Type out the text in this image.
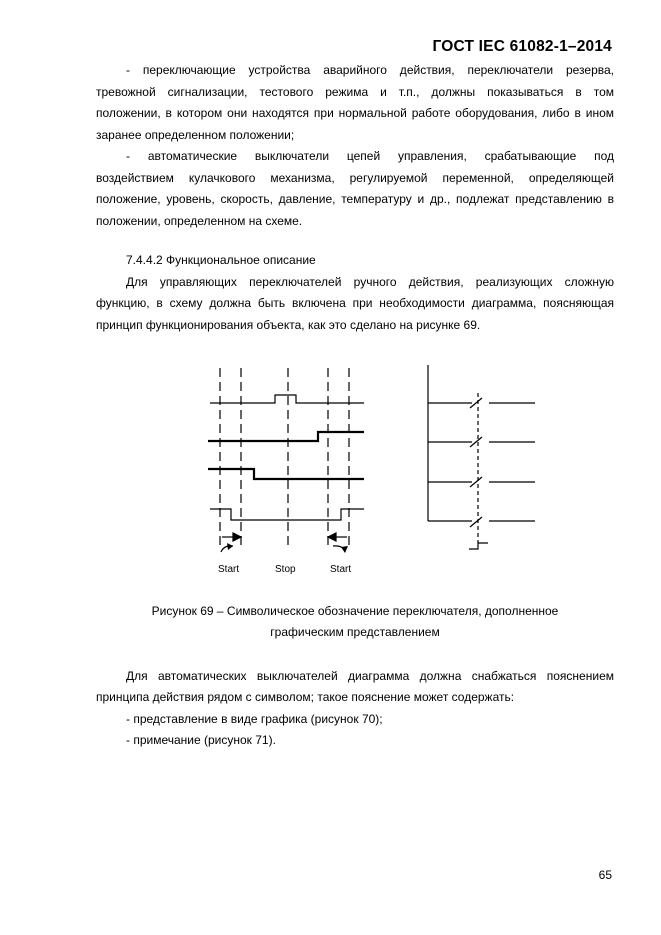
ГОСТ IEC 61082-1–2014
- переключающие устройства аварийного действия, переключатели резерва,
тревожной сигнализации, тестового режима и т.п., должны показываться в том
положении, в котором они находятся при нормальной работе оборудования, либо в ином
заранее определенном положении;
- автоматические выключатели цепей управления, срабатывающие под
воздействием кулачкового механизма, регулируемой переменной, определяющей
положение, уровень, скорость, давление, температуру и др., подлежат представлению в
положении, определенном на схеме.
7.4.4.2 Функциональное описание
Для управляющих переключателей ручного действия, реализующих сложную
функцию, в схему должна быть включена при необходимости диаграмма, поясняющая
принцип функционирования объекта, как это сделано на рисунке 69.
Start	Stop	Start
Рисунок 69 – Символическое обозначение переключателя, дополненное
графическим представлением
Для автоматических выключателей диаграмма должна снабжаться пояснением
принципа действия рядом с символом; такое пояснение может содержать:
- представление в виде графика (рисунок 70);
- примечание (рисунок 71).
65
